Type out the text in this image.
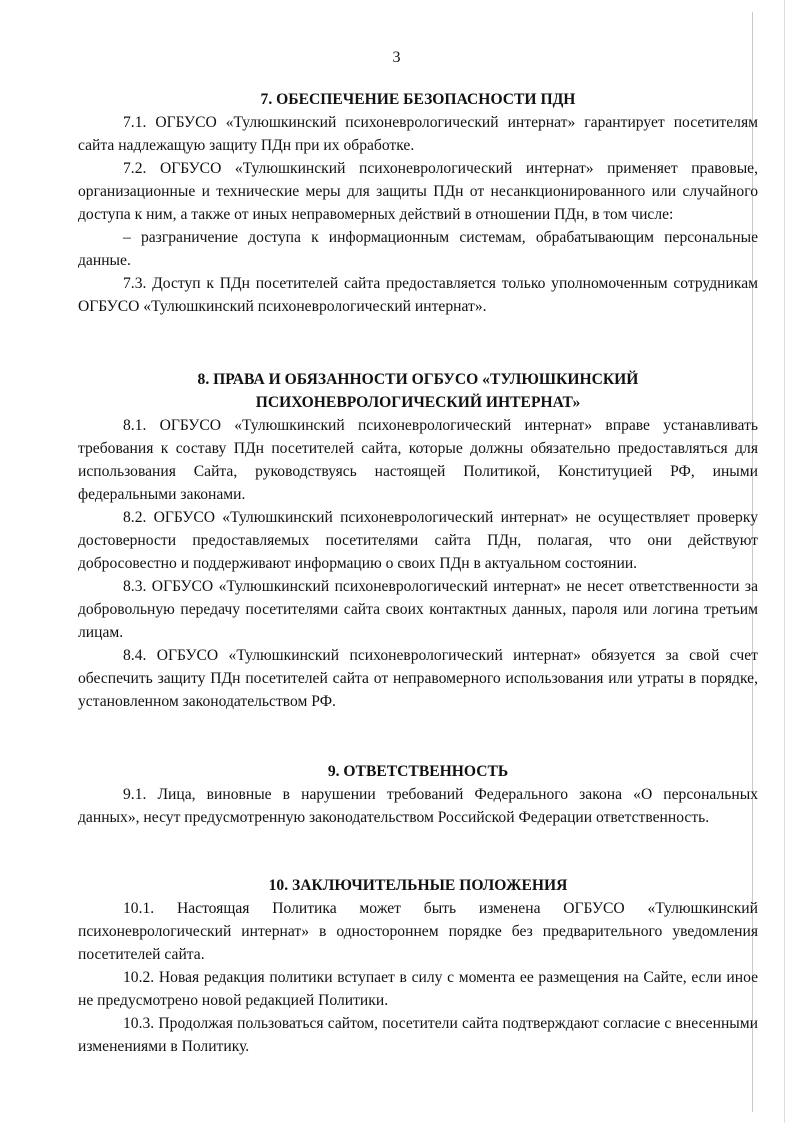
3

7. ОБЕСПЕЧЕНИЕ БЕЗОПАСНОСТИ ПДН

7.1. ОГБУСО «Тулюшкинский психоневрологический интернат» гарантирует посетителям сайта надлежащую защиту ПДн при их обработке.

7.2. ОГБУСО «Тулюшкинский психоневрологический интернат» применяет правовые, организационные и технические меры для защиты ПДн от несанкционированного или случайного доступа к ним, а также от иных неправомерных действий в отношении ПДн, в том числе:

– разграничение доступа к информационным системам, обрабатывающим персональные данные.

7.3. Доступ к ПДн посетителей сайта предоставляется только уполномоченным сотрудникам ОГБУСО «Тулюшкинский психоневрологический интернат».

8. ПРАВА И ОБЯЗАННОСТИ ОГБУСО «ТУЛЮШКИНСКИЙ ПСИХОНЕВРОЛОГИЧЕСКИЙ ИНТЕРНАТ»

8.1. ОГБУСО «Тулюшкинский психоневрологический интернат» вправе устанавливать требования к составу ПДн посетителей сайта, которые должны обязательно предоставляться для использования Сайта, руководствуясь настоящей Политикой, Конституцией РФ, иными федеральными законами.

8.2. ОГБУСО «Тулюшкинский психоневрологический интернат» не осуществляет проверку достоверности предоставляемых посетителями сайта ПДн, полагая, что они действуют добросовестно и поддерживают информацию о своих ПДн в актуальном состоянии.

8.3. ОГБУСО «Тулюшкинский психоневрологический интернат» не несет ответственности за добровольную передачу посетителями сайта своих контактных данных, пароля или логина третьим лицам.

8.4. ОГБУСО «Тулюшкинский психоневрологический интернат» обязуется за свой счет обеспечить защиту ПДн посетителей сайта от неправомерного использования или утраты в порядке, установленном законодательством РФ.

9. ОТВЕТСТВЕННОСТЬ

9.1. Лица, виновные в нарушении требований Федерального закона «О персональных данных», несут предусмотренную законодательством Российской Федерации ответственность.

10. ЗАКЛЮЧИТЕЛЬНЫЕ ПОЛОЖЕНИЯ

10.1. Настоящая Политика может быть изменена ОГБУСО «Тулюшкинский психоневрологический интернат» в одностороннем порядке без предварительного уведомления посетителей сайта.

10.2. Новая редакция политики вступает в силу с момента ее размещения на Сайте, если иное не предусмотрено новой редакцией Политики.

10.3. Продолжая пользоваться сайтом, посетители сайта подтверждают согласие с внесенными изменениями в Политику.
